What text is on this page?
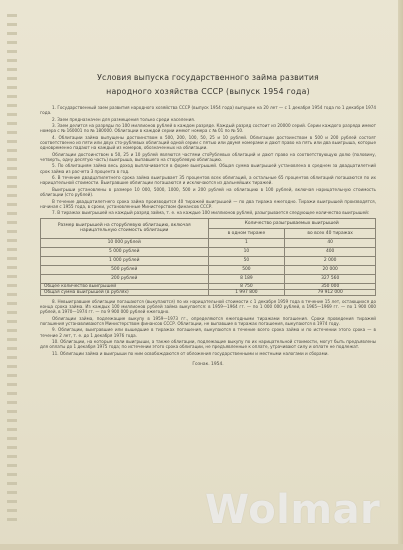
Условия выпуска государственного займа развития
народного хозяйства СССР (выпуск 1954 года)

1. Государственный заем развития народного хозяйства СССР (выпуск 1954 года) выпущен на 20 лет — с 1 декабря 1954 года по 1 декабря 1974 года.

2. Заем предназначен для размещения только среди населения.

3. Заем делится на разряды по 100 миллионов рублей в каждом разряде. Каждый разряд состоит из 20000 серий. Серии каждого разряда имеют номера с № 160001 по № 180000. Облигации в каждой серии имеют номера с № 01 по № 50.

4. Облигации займа выпущены достоинством в 500, 200, 100, 50, 25 и 10 рублей. Облигации достоинством в 500 и 200 рублей состоят соответственно из пяти или двух сто-рублевых облигаций одной серии с пятью или двумя номерами и дают право на пять или два выигрыша, которые одновременно падают на каждый из номеров, обозначенных на облигации.

Облигации достоинством в 50, 25 и 10 рублей являются частями стоРублевых облигаций и дают право на соответствующую долю (половину, четверть, одну десятую часть) выигрыша, выпавшего на сторублевую облигацию.

5. По облигациям займа весь доход выплачивается в форме выигрышей. Общая сумма выигрышей установлена в среднем за двадцатилетний срок займа из расчета 3 процента в год.

6. В течение двадцатилетнего срока займа выигрывает 35 процентов всех облигаций, а остальные 65 процентов облигаций погашаются по их нарицательной стоимости. Выигравшие облигации погашаются и исключаются из дальнейших тиражей.

Выигрыши установлены в размере 10 000, 5000, 1000, 500 и 200 рублей на облигацию в 100 рублей, включая нарицательную стоимость облигации (сто рублей).

В течение двадцатилетнего срока займа производится 40 тиражей выигрышей — по два тиража ежегодно. Тиражи выигрышей производятся, начиная с 1955 года, в сроки, установленные Министерством финансов СССР.

7. В тиражах выигрышей на каждый разряд займа, т. е. на каждые 100 миллионов рублей, разыгрывается следующее количество выигрышей:

Размер выигрышей на сторублевую облигацию, включая нарицательную стоимость облигации	Количество разыгрываемых выигрышей	
	в одном тираже	во всех 40 тиражах
10 000 рублей	1	40
5 000 рублей	10	400
1 000 рублей	50	2 000
500 рублей	500	20 000
200 рублей	8 189	327 560
Общее количество выигрышей	8 750	350 000
Общая сумма выигрышей (в рублях)	1 997 800	79 912 000

8. Невыигравшие облигации погашаются (выкупаются) по их нарицательной стоимости с 1 декабря 1959 года в течение 15 лет, остающихся до конца срока займа. Из каждых 100 миллионов рублей займа выкупается: в 1959—1964 гг. — по 1 000 000 рублей, в 1965—1969 гг. — по 1 900 000 рублей, в 1970—1974 гг. — по 9 900 000 рублей ежегодно.

Облигации займа, подлежащие выкупу в 1959—1973 гг., определяются ежегодными тиражами погашения. Сроки проведения тиражей погашения устанавливаются Министерством финансов СССР. Облигации, не выпавшие в тиражах погашения, выкупаются в 1974 году.

9. Облигации, выигравшие или вышедшие в тиражах погашения, выкупаются в течение всего срока займа и по истечении этого срока — в течение 2 лет, т. е. до 1 декабря 1976 года.

10. Облигации, на которые пали выигрыши, а также облигации, подлежащие выкупу по их нарицательной стоимости, могут быть предъявлены для оплаты до 1 декабря 1975 года; по истечении этого срока облигации, не предъявленные к оплате, утрачивают силу и оплате не подлежат.

11. Облигации займа и выигрыши по ним освобождаются от обложения государственными и местными налогами и сборами.

Гознак. 1954.
Wolmar
